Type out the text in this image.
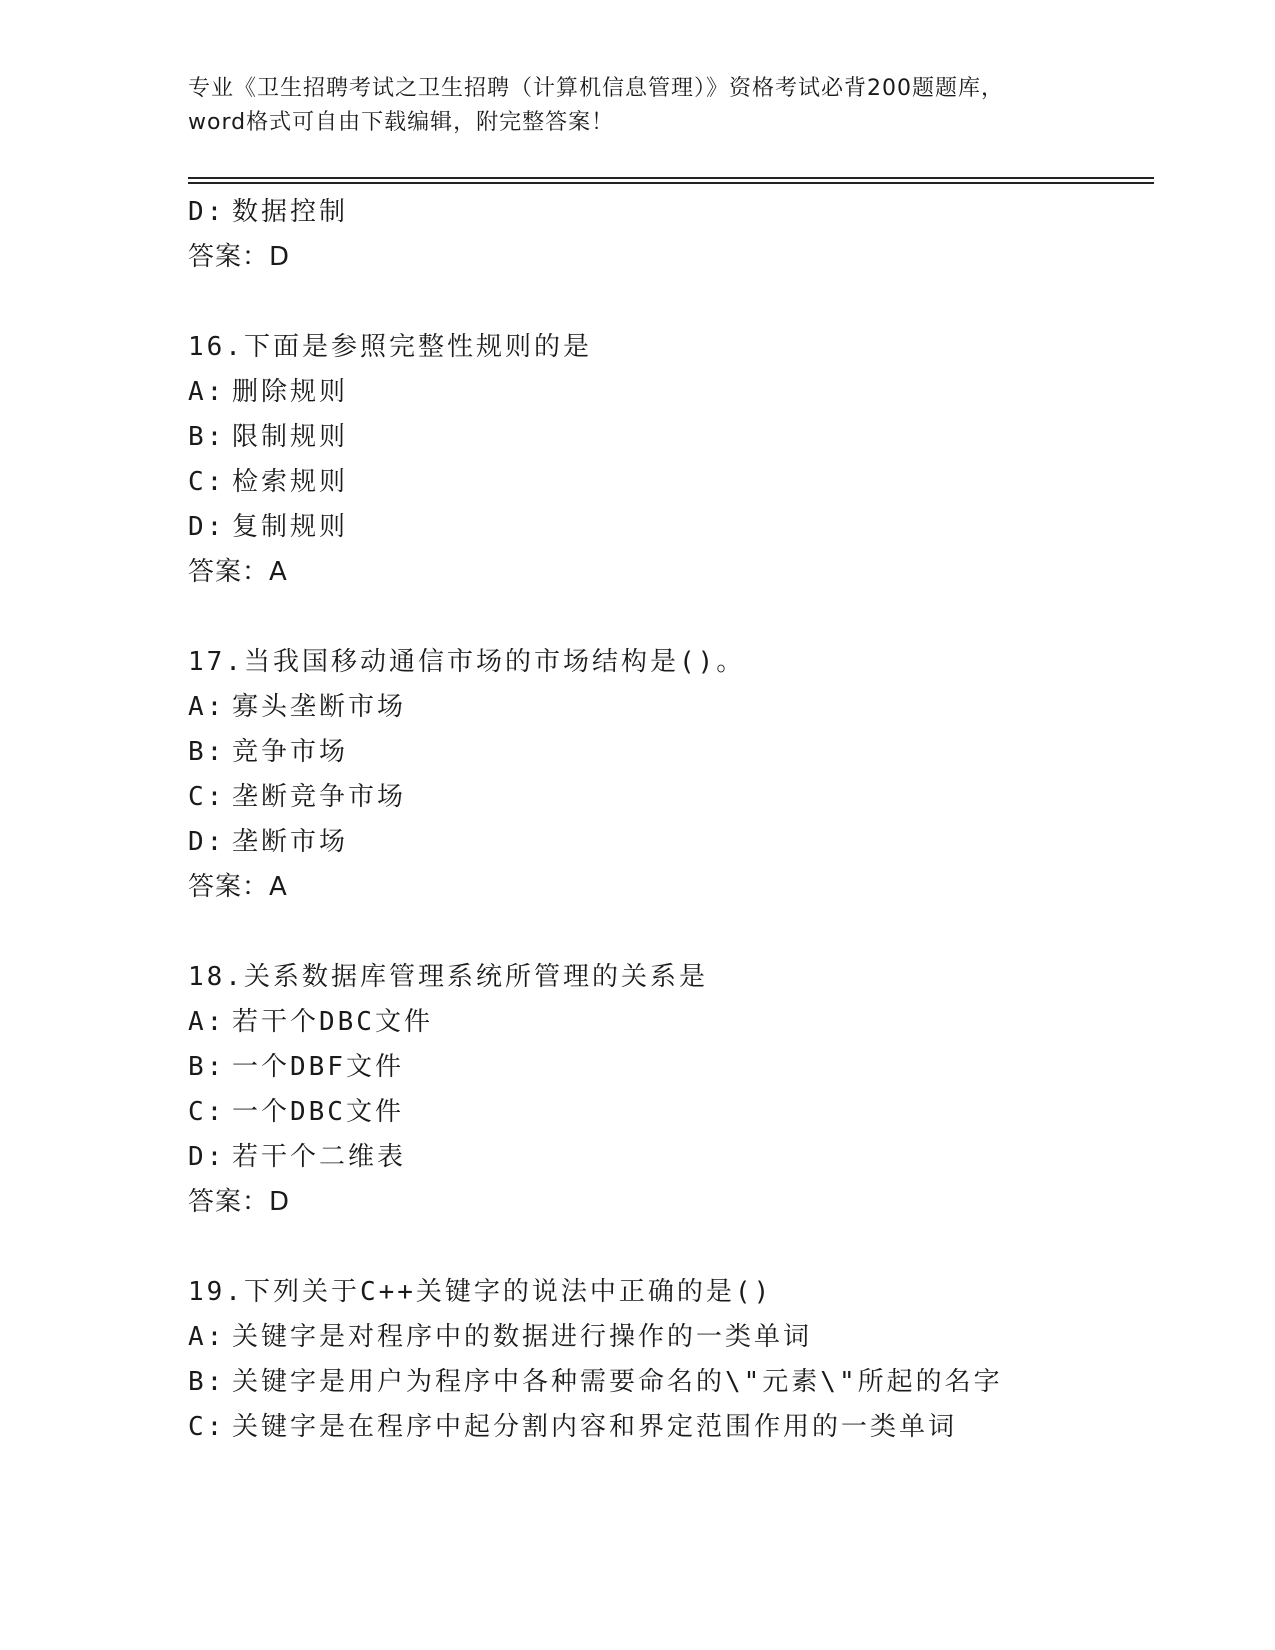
专业《卫生招聘考试之卫生招聘（计算机信息管理）》资格考试必背200题题库，
word格式可自由下载编辑，附完整答案！
D: 数据控制
答案：D
16.下面是参照完整性规则的是
A: 删除规则
B: 限制规则
C: 检索规则
D: 复制规则
答案：A
17.当我国移动通信市场的市场结构是()。
A: 寡头垄断市场
B: 竞争市场
C: 垄断竞争市场
D: 垄断市场
答案：A
18.关系数据库管理系统所管理的关系是
A: 若干个DBC文件
B: 一个DBF文件
C: 一个DBC文件
D: 若干个二维表
答案：D
19.下列关于C++关键字的说法中正确的是()
A: 关键字是对程序中的数据进行操作的一类单词
B: 关键字是用户为程序中各种需要命名的\"元素\"所起的名字
C: 关键字是在程序中起分割内容和界定范围作用的一类单词
